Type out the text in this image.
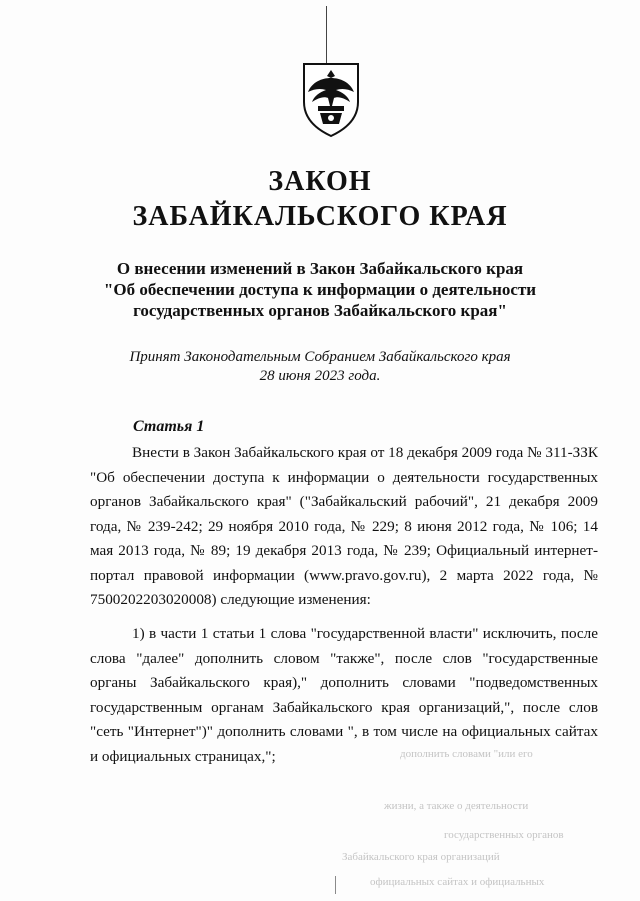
ЗАКОН
ЗАБАЙКАЛЬСКОГО КРАЯ
О внесении изменений в Закон Забайкальского края
"Об обеспечении доступа к информации о деятельности
государственных органов Забайкальского края"
Принят Законодательным Собранием Забайкальского края
28 июня 2023 года.
Статья 1

Внести в Закон Забайкальского края от 18 декабря 2009 года № 311-ЗЗК "Об обеспечении доступа к информации о деятельности государственных органов Забайкальского края" ("Забайкальский рабочий", 21 декабря 2009 года, № 239-242; 29 ноября 2010 года, № 229; 8 июня 2012 года, № 106; 14 мая 2013 года, № 89; 19 декабря 2013 года, № 239; Официальный интернет-портал правовой информации (www.pravo.gov.ru), 2 марта 2022 года, № 7500202203020008) следующие изменения:

1) в части 1 статьи 1 слова "государственной власти" исключить, после слова "далее" дополнить словом "также", после слов "государственные органы Забайкальского края)," дополнить словами "подведомственных государственным органам Забайкальского края организаций,", после слов "сеть "Интернет")" дополнить словами ", в том числе на официальных сайтах и официальных страницах,";	дополнить словами "или его
жизни, а также о деятельности
государственных органов
Забайкальского края организаций
официальных сайтах и официальных
